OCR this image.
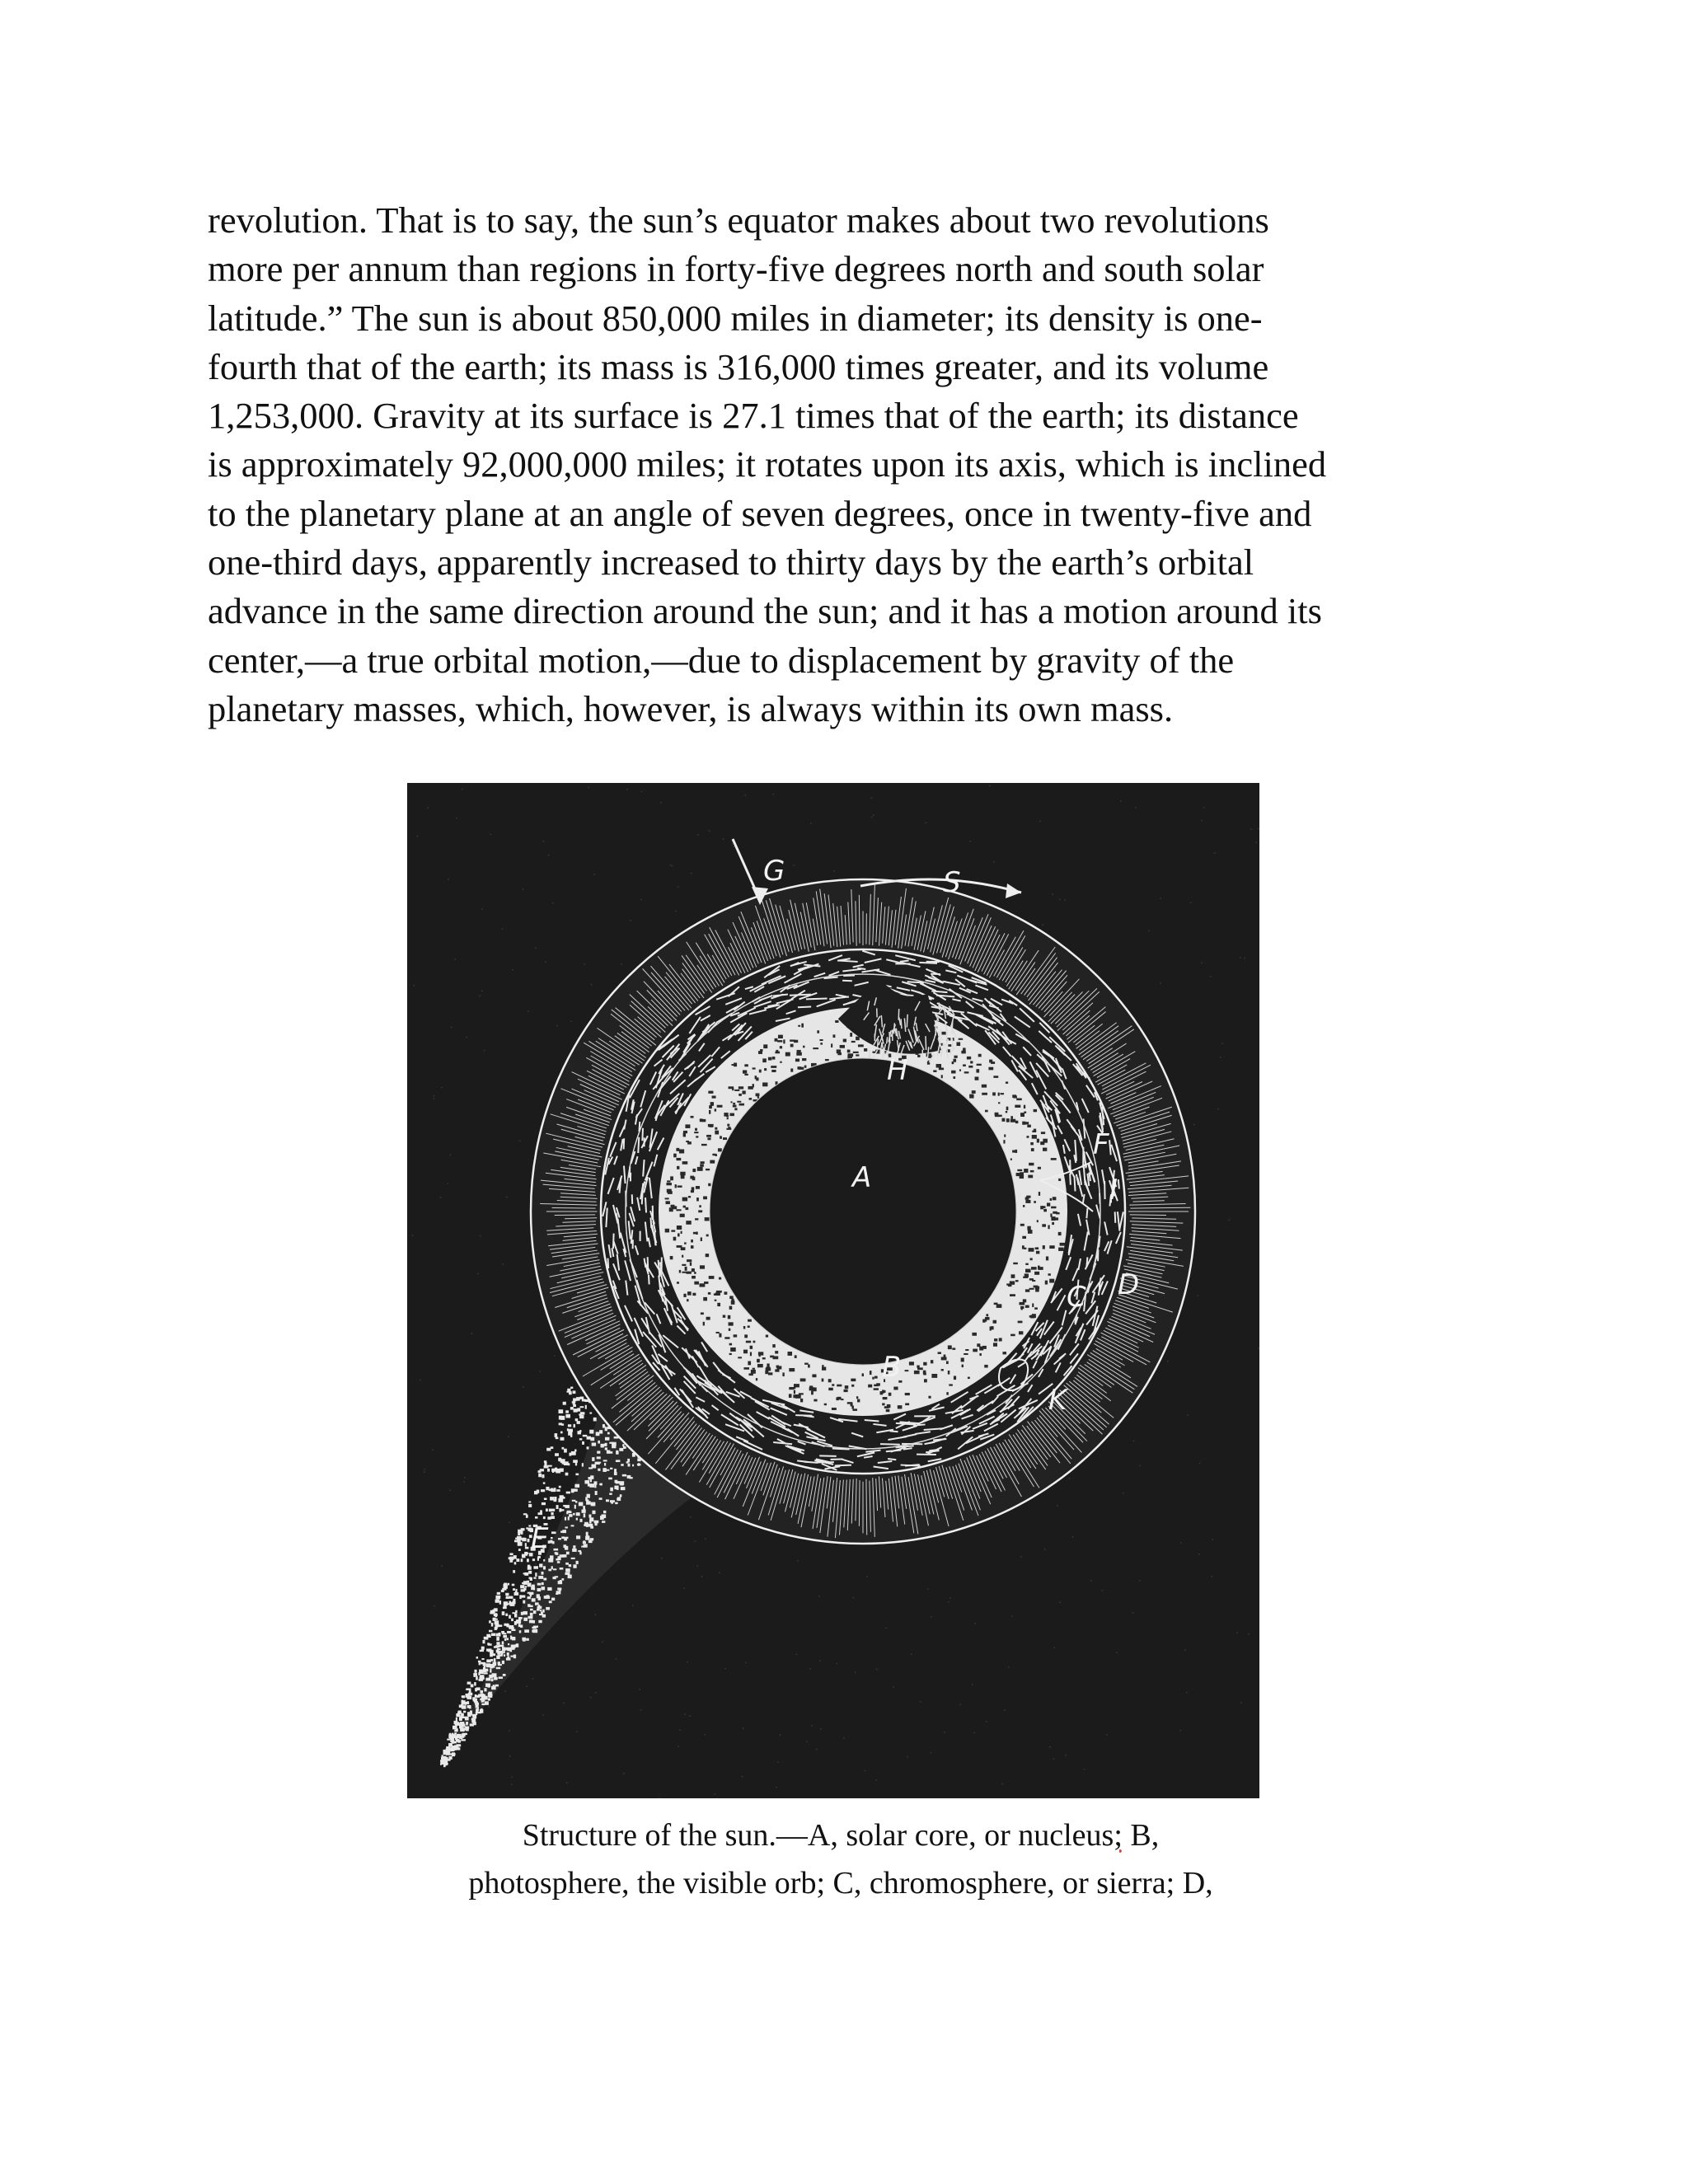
revolution. That is to say, the sun’s equator makes about two revolutions
more per annum than regions in forty-five degrees north and south solar
latitude.” The sun is about 850,000 miles in diameter; its density is one-
fourth that of the earth; its mass is 316,000 times greater, and its volume
1,253,000. Gravity at its surface is 27.1 times that of the earth; its distance
is approximately 92,000,000 miles; it rotates upon its axis, which is inclined
to the planetary plane at an angle of seven degrees, once in twenty-five and
one-third days, apparently increased to thirty days by the earth’s orbital
advance in the same direction around the sun; and it has a motion around its
center,—a true orbital motion,—due to displacement by gravity of the
planetary masses, which, however, is always within its own mass.
G	S
H
A
F
I
D
C
B
K
E
Structure of the sun.—A, solar core, or nucleus; B,
photosphere, the visible orb; C, chromosphere, or sierra; D,
